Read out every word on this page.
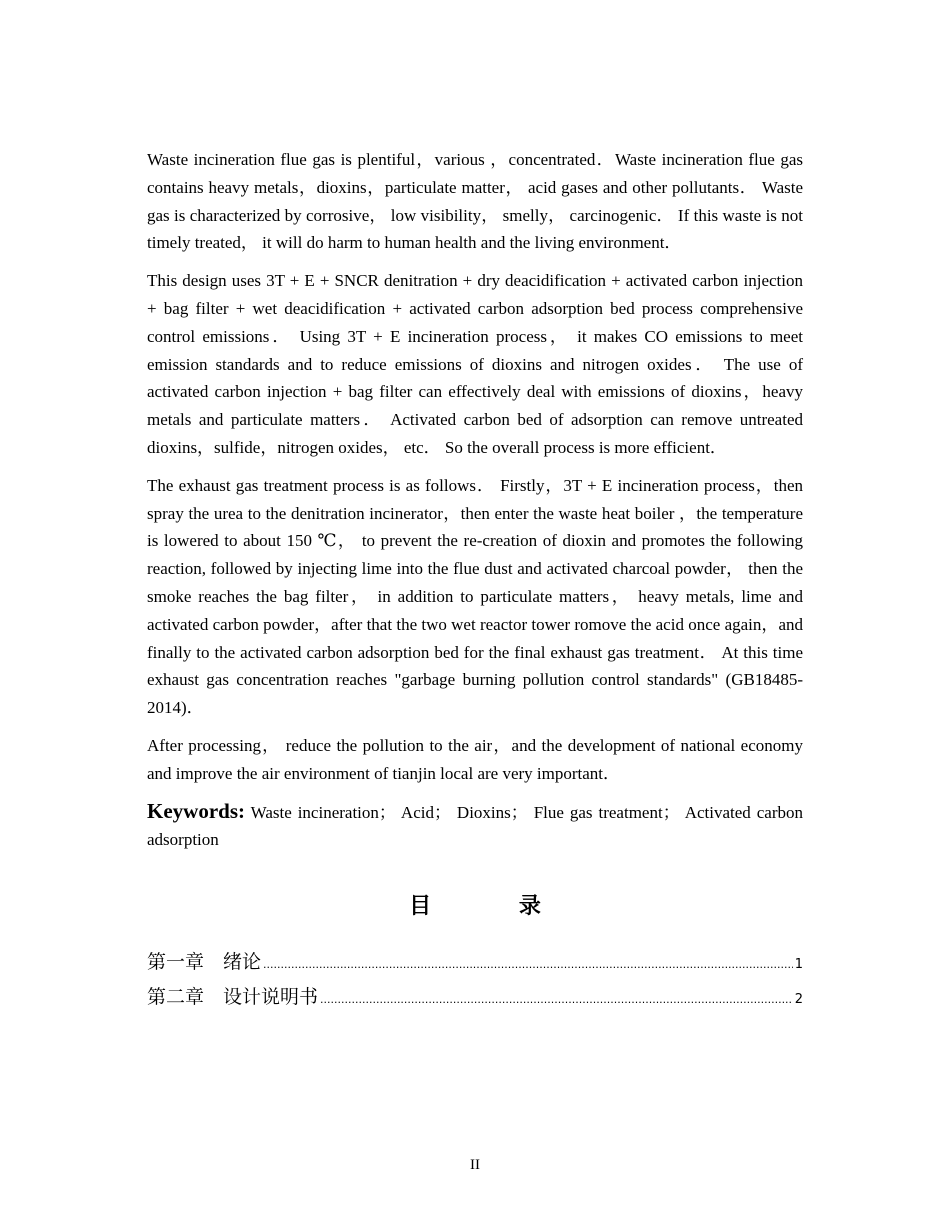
Waste incineration flue gas is plentiful，various ，concentrated．Waste incineration flue gas contains heavy metals，dioxins，particulate matter， acid gases and other pollutants． Waste gas is characterized by corrosive， low visibility， smelly， carcinogenic． If this waste is not timely treated， it will do harm to human health and the living environment．

This design uses 3T + E + SNCR denitration + dry deacidification + activated carbon injection + bag filter + wet deacidification + activated carbon adsorption bed process comprehensive control emissions． Using 3T + E incineration process， it makes CO emissions to meet emission standards and to reduce emissions of dioxins and nitrogen oxides． The use of activated carbon injection + bag filter can effectively deal with emissions of dioxins，heavy metals and particulate matters． Activated carbon bed of adsorption can remove untreated dioxins，sulfide，nitrogen oxides， etc． So the overall process is more efficient．

The exhaust gas treatment process is as follows． Firstly，3T + E incineration process，then spray the urea to the denitration incinerator，then enter the waste heat boiler ，the temperature is lowered to about 150 ℃， to prevent the re-creation of dioxin and promotes the following reaction, followed by injecting lime into the flue dust and activated charcoal powder， then the smoke reaches the bag filter， in addition to particulate matters， heavy metals, lime and activated carbon powder，after that the two wet reactor tower romove the acid once again，and finally to the activated carbon adsorption bed for the final exhaust gas treatment． At this time exhaust gas concentration reaches "garbage burning pollution control standards" (GB18485-2014)．

After processing， reduce the pollution to the air，and the development of national economy and improve the air environment of tianjin local are very important．

Keywords: Waste incineration； Acid； Dioxins； Flue gas treatment； Activated carbon adsorption

目 录
第一章　绪论 .....	1
第二章　设计说明书 .....	2
II
